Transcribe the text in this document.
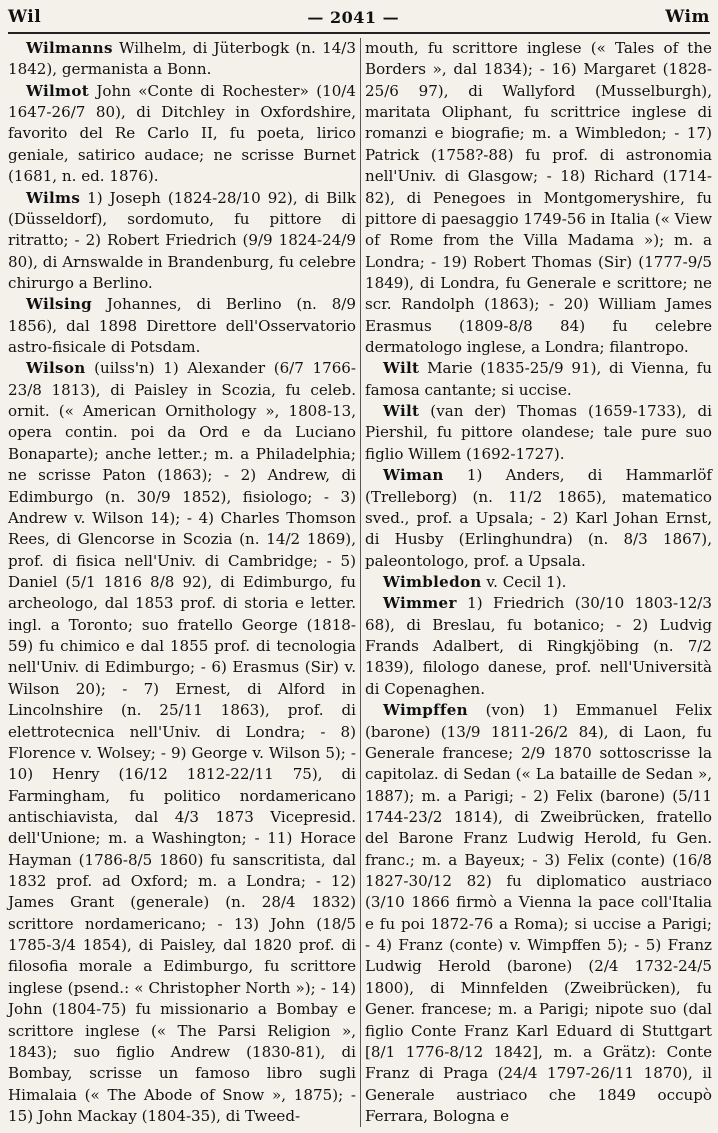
Wil	— 2041 —	Wim

Wilmanns Wilhelm, di Jüterbogk (n. 14/3 1842), germanista a Bonn.

Wilmot John «Conte di Rochester» (10/4 1647-26/7 80), di Ditchley in Oxfordshire, favorito del Re Carlo II, fu poeta, lirico geniale, satirico audace; ne scrisse Burnet (1681, n. ed. 1876).

Wilms 1) Joseph (1824-28/10 92), di Bilk (Düsseldorf), sordomuto, fu pittore di ritratto; - 2) Robert Friedrich (9/9 1824-24/9 80), di Arnswalde in Brandenburg, fu celebre chirurgo a Berlino.

Wilsing Johannes, di Berlino (n. 8/9 1856), dal 1898 Direttore dell'Osservatorio astro-fisicale di Potsdam.

Wilson (uilss'n) 1) Alexander (6/7 1766-23/8 1813), di Paisley in Scozia, fu celeb. ornit. (« American Ornithology », 1808-13, opera contin. poi da Ord e da Luciano Bonaparte); anche letter.; m. a Philadelphia; ne scrisse Paton (1863); - 2) Andrew, di Edimburgo (n. 30/9 1852), fisiologo; - 3) Andrew v. Wilson 14); - 4) Charles Thomson Rees, di Glencorse in Scozia (n. 14/2 1869), prof. di fisica nell'Univ. di Cambridge; - 5) Daniel (5/1 1816 8/8 92), di Edimburgo, fu archeologo, dal 1853 prof. di storia e letter. ingl. a Toronto; suo fratello George (1818-59) fu chimico e dal 1855 prof. di tecnologia nell'Univ. di Edimburgo; - 6) Erasmus (Sir) v. Wilson 20); - 7) Ernest, di Alford in Lincolnshire (n. 25/11 1863), prof. di elettrotecnica nell'Univ. di Londra; - 8) Florence v. Wolsey; - 9) George v. Wilson 5); - 10) Henry (16/12 1812-22/11 75), di Farmingham, fu politico nordamericano antischiavista, dal 4/3 1873 Vicepresid. dell'Unione; m. a Washington; - 11) Horace Hayman (1786-8/5 1860) fu sanscritista, dal 1832 prof. ad Oxford; m. a Londra; - 12) James Grant (generale) (n. 28/4 1832) scrittore nordamericano; - 13) John (18/5 1785-3/4 1854), di Paisley, dal 1820 prof. di filosofia morale a Edimburgo, fu scrittore inglese (psend.: « Christopher North »); - 14) John (1804-75) fu missionario a Bombay e scrittore inglese (« The Parsi Religion », 1843); suo figlio Andrew (1830-81), di Bombay, scrisse un famoso libro sugli Himalaia (« The Abode of Snow », 1875); - 15) John Mackay (1804-35), di Tweed-

mouth, fu scrittore inglese (« Tales of the Borders », dal 1834); - 16) Margaret (1828-25/6 97), di Wallyford (Musselburgh), maritata Oliphant, fu scrittrice inglese di romanzi e biografie; m. a Wimbledon; - 17) Patrick (1758?-88) fu prof. di astronomia nell'Univ. di Glasgow; - 18) Richard (1714-82), di Penegoes in Montgomeryshire, fu pittore di paesaggio 1749-56 in Italia (« View of Rome from the Villa Madama »); m. a Londra; - 19) Robert Thomas (Sir) (1777-9/5 1849), di Londra, fu Generale e scrittore; ne scr. Randolph (1863); - 20) William James Erasmus (1809-8/8 84) fu celebre dermatologo inglese, a Londra; filantropo.

Wilt Marie (1835-25/9 91), di Vienna, fu famosa cantante; si uccise.

Wilt (van der) Thomas (1659-1733), di Piershil, fu pittore olandese; tale pure suo figlio Willem (1692-1727).

Wiman 1) Anders, di Hammarlöf (Trelleborg) (n. 11/2 1865), matematico sved., prof. a Upsala; - 2) Karl Johan Ernst, di Husby (Erlinghundra) (n. 8/3 1867), paleontologo, prof. a Upsala.

Wimbledon v. Cecil 1).

Wimmer 1) Friedrich (30/10 1803-12/3 68), di Breslau, fu botanico; - 2) Ludvig Frands Adalbert, di Ringkjöbing (n. 7/2 1839), filologo danese, prof. nell'Università di Copenaghen.

Wimpffen (von) 1) Emmanuel Felix (barone) (13/9 1811-26/2 84), di Laon, fu Generale francese; 2/9 1870 sottoscrisse la capitolaz. di Sedan (« La bataille de Sedan », 1887); m. a Parigi; - 2) Felix (barone) (5/11 1744-23/2 1814), di Zweibrücken, fratello del Barone Franz Ludwig Herold, fu Gen. franc.; m. a Bayeux; - 3) Felix (conte) (16/8 1827-30/12 82) fu diplomatico austriaco (3/10 1866 firmò a Vienna la pace coll'Italia e fu poi 1872-76 a Roma); si uccise a Parigi; - 4) Franz (conte) v. Wimpffen 5); - 5) Franz Ludwig Herold (barone) (2/4 1732-24/5 1800), di Minnfelden (Zweibrücken), fu Gener. francese; m. a Parigi; nipote suo (dal figlio Conte Franz Karl Eduard di Stuttgart [8/1 1776-8/12 1842], m. a Grätz): Conte Franz di Praga (24/4 1797-26/11 1870), il Generale austriaco che 1849 occupò Ferrara, Bologna e
